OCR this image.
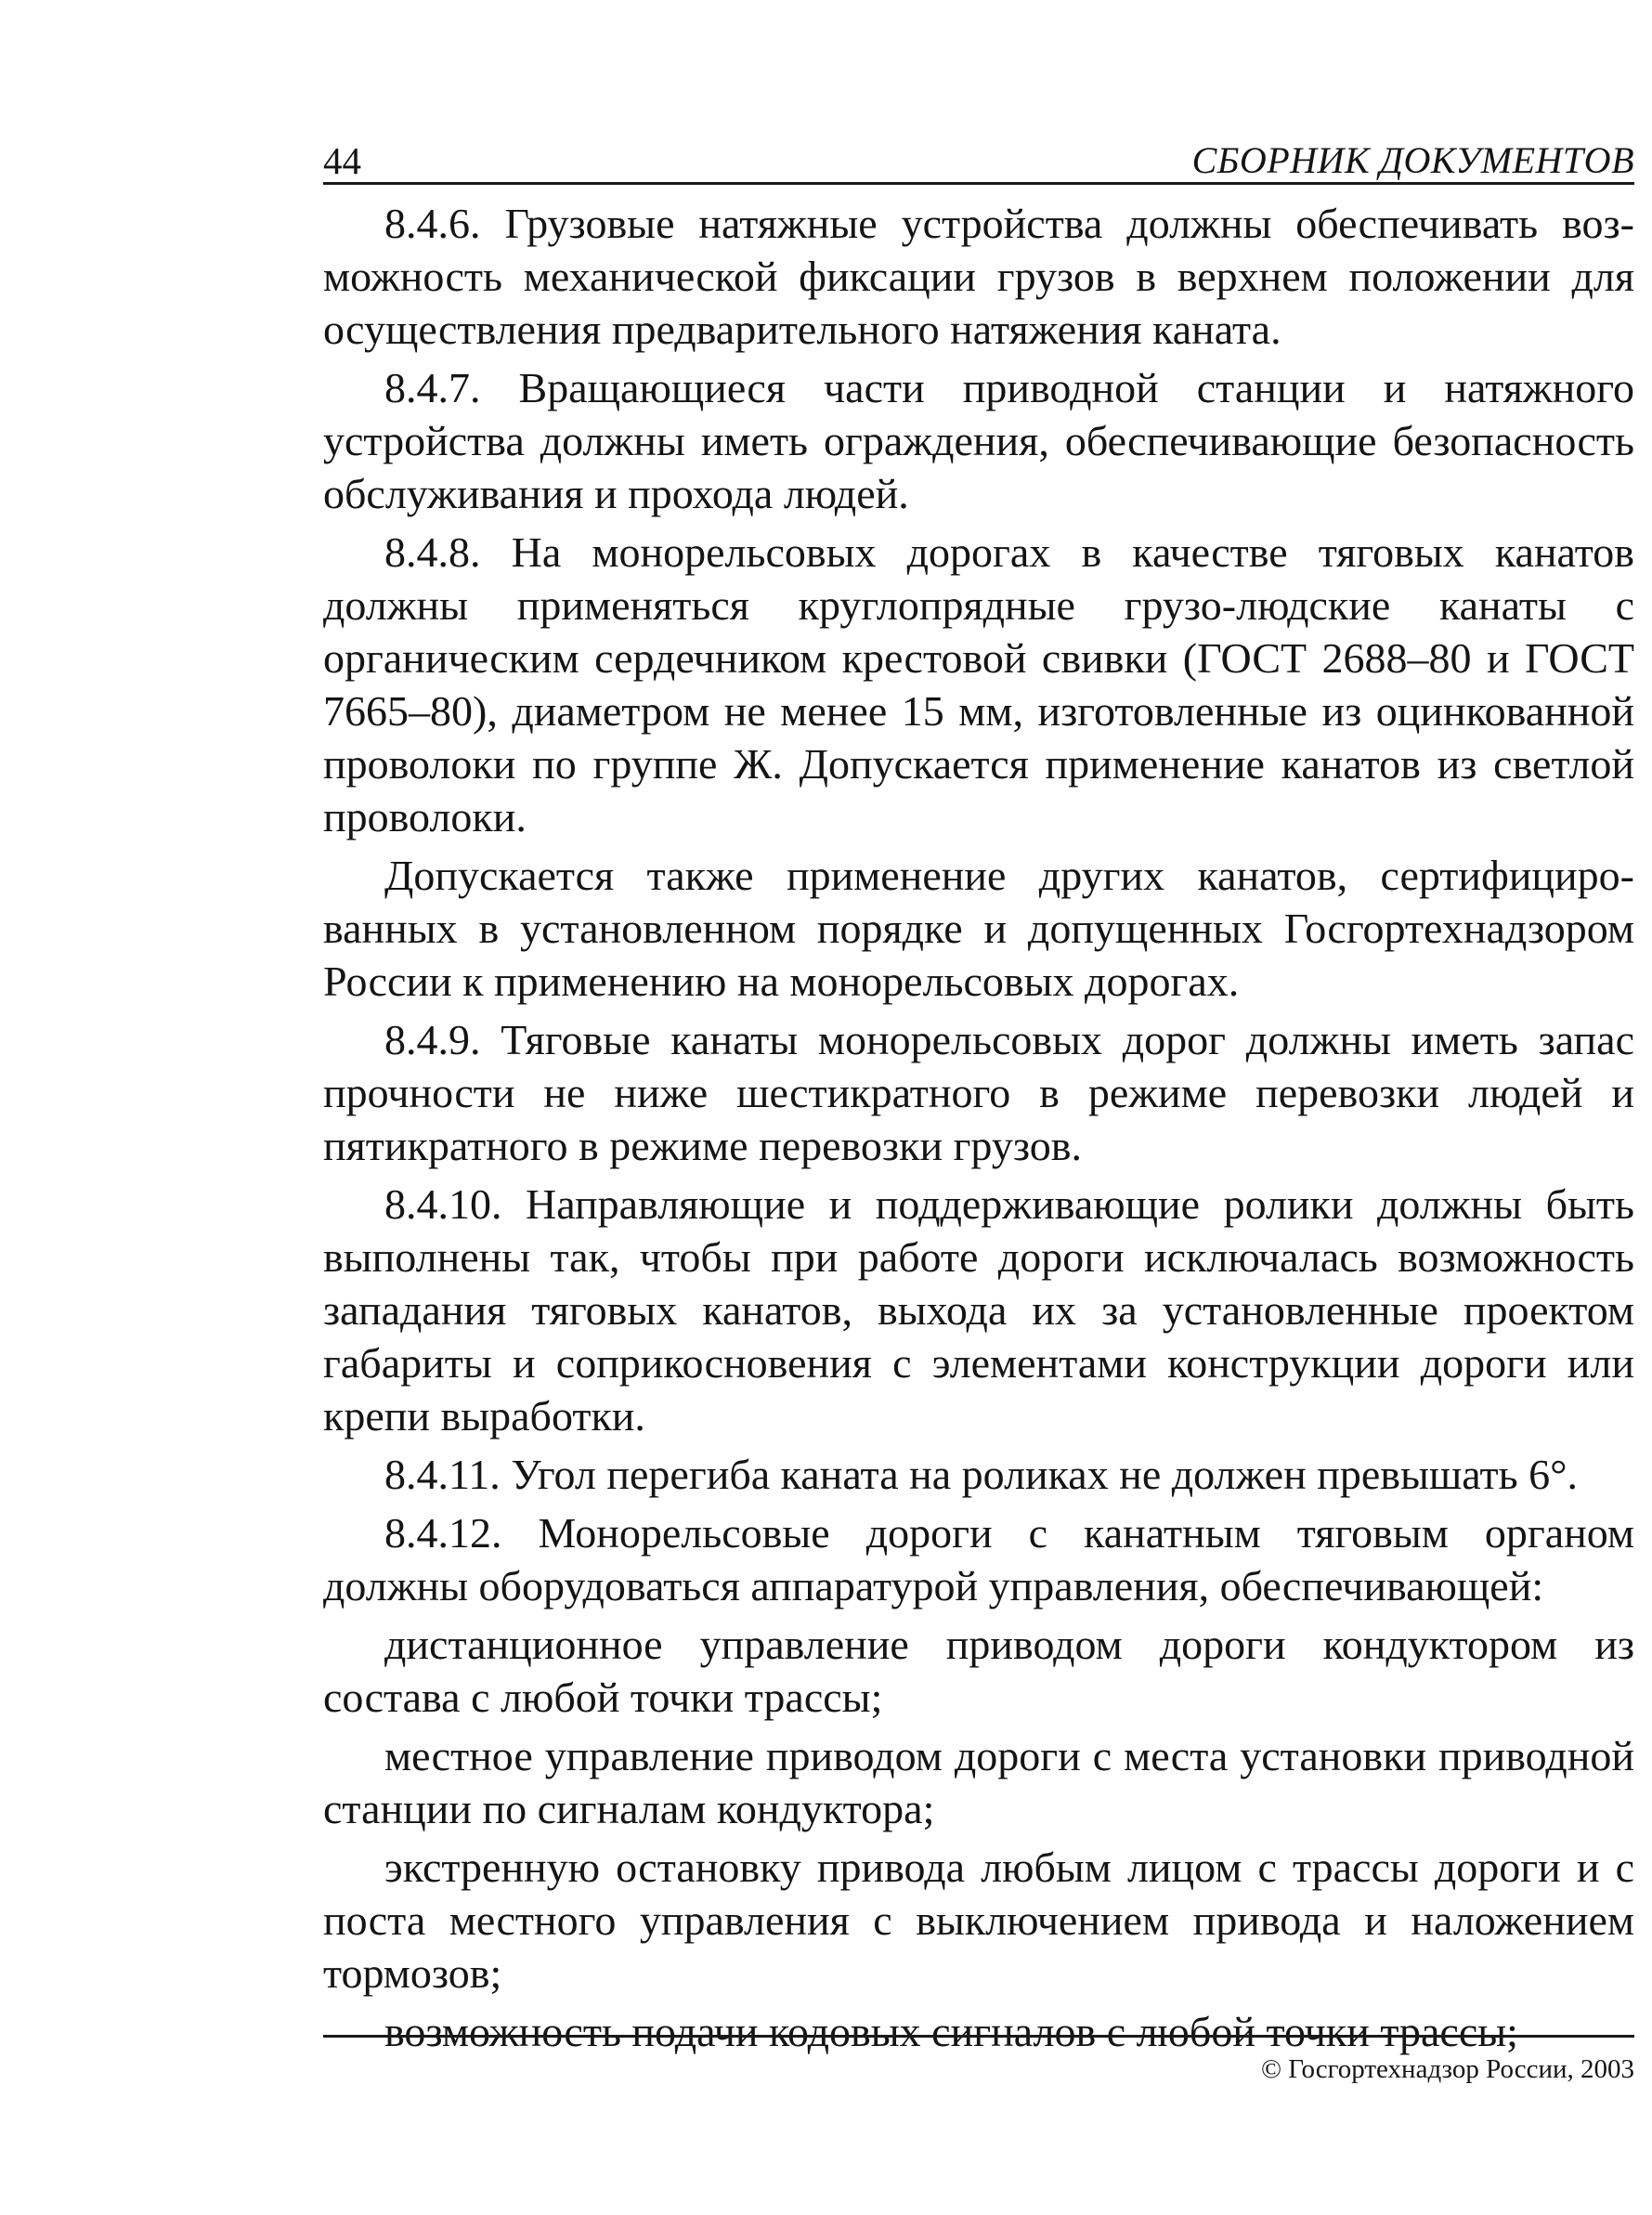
44	СБОРНИК ДОКУМЕНТОВ

8.4.6. Грузовые натяжные устройства должны обеспечивать возможность механической фиксации грузов в верхнем положении для осуществления предварительного натяжения каната.

8.4.7. Вращающиеся части приводной станции и натяжного устройства должны иметь ограждения, обеспечивающие безопасность обслуживания и прохода людей.

8.4.8. На монорельсовых дорогах в качестве тяговых канатов должны применяться круглопрядные грузо-людские канаты с органическим сердечником крестовой свивки (ГОСТ 2688–80 и ГОСТ 7665–80), диаметром не менее 15 мм, изготовленные из оцинкованной проволоки по группе Ж. Допускается применение канатов из светлой проволоки.

Допускается также применение других канатов, сертифицированных в установленном порядке и допущенных Госгортехнадзором России к применению на монорельсовых дорогах.

8.4.9. Тяговые канаты монорельсовых дорог должны иметь запас прочности не ниже шестикратного в режиме перевозки людей и пятикратного в режиме перевозки грузов.

8.4.10. Направляющие и поддерживающие ролики должны быть выполнены так, чтобы при работе дороги исключалась возможность западания тяговых канатов, выхода их за установленные проектом габариты и соприкосновения с элементами конструкции дороги или крепи выработки.

8.4.11. Угол перегиба каната на роликах не должен превышать 6°.

8.4.12. Монорельсовые дороги с канатным тяговым органом должны оборудоваться аппаратурой управления, обеспечивающей:

дистанционное управление приводом дороги кондуктором из состава с любой точки трассы;

местное управление приводом дороги с места установки приводной станции по сигналам кондуктора;

экстренную остановку привода любым лицом с трассы дороги и с поста местного управления с выключением привода и наложением тормозов;

возможность подачи кодовых сигналов с любой точки трассы;

© Госгортехнадзор России, 2003
